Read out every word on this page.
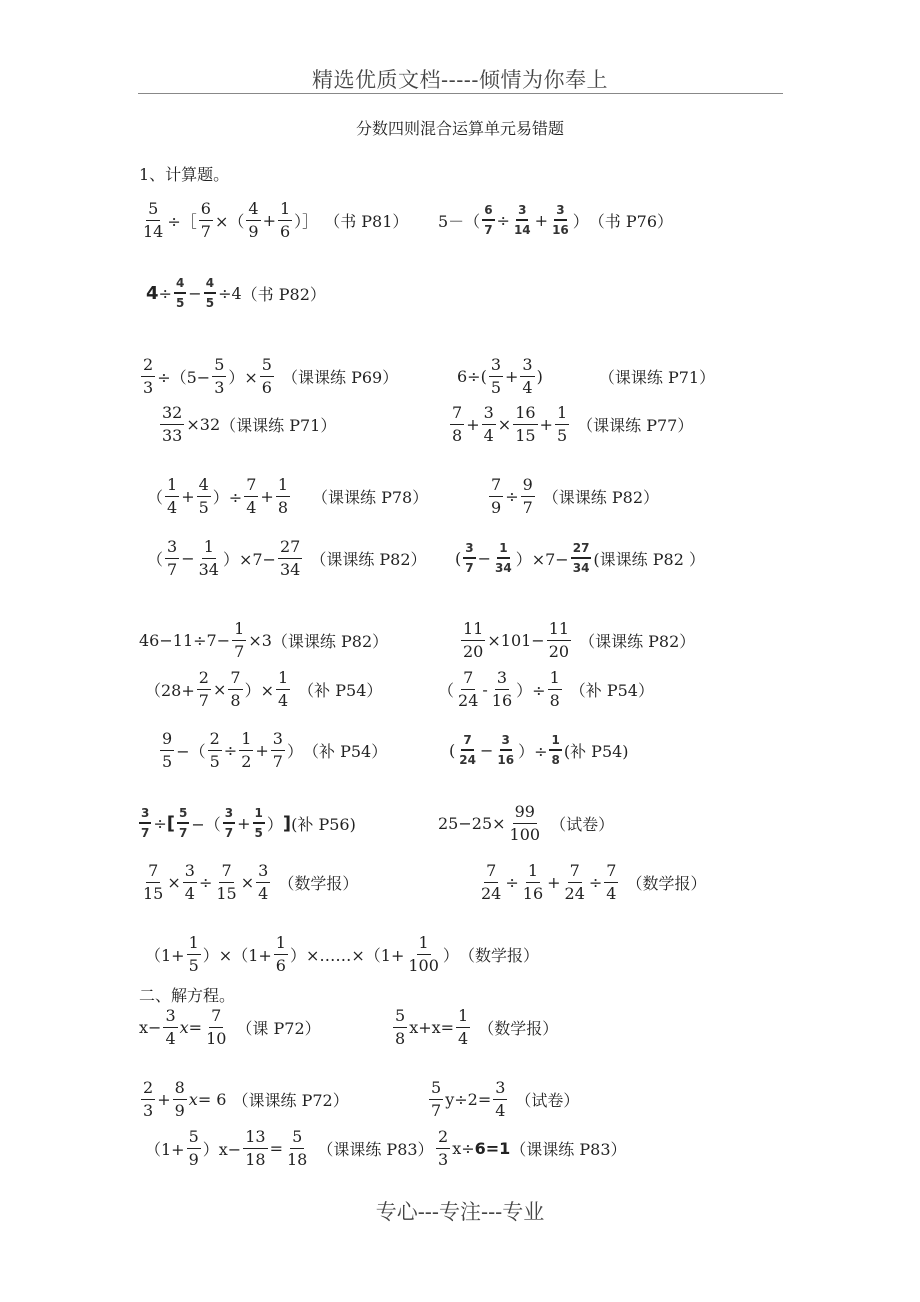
精选优质文档-----倾情为你奉上
分数四则混合运算单元易错题
1、计算题。
5
14
÷［
6
7
×（
4
9
+
1
6
）］ （书 P81） 5－（
6
7
÷
3
14
+
3
16 ） （书 P76）
4 ÷
4
5
−
4
5
÷4 （书 P82）
2
3
÷（5−
5
3
）×
5
6
（课课练 P69）	6÷(
3
5
+
3
4
)	（课课练 P71）
32
33
×32 （课课练 P71）
7
8
+
3
4
×
16
15
+
1
5
（课课练 P77）
（
1
4
+
4
5
）÷
7
4
+
1
8
（课课练 P78）
7
9
÷
9
7
（课课练 P82）
（
3
7
−
1
34
）×7−
27
34
（课课练 P82） (
3
7
−
1
34 ）×7−
27
34 (课课练 P82 ）
46−11÷7−
1
7
×3 （课课练 P82）
11
20
×101−
11
20
（课课练 P82）
（28+
2
7
×
7
8
）×
1
4
（补 P54）	（
7
24
-
3
16
）÷
1
8
（补 P54）
9
5
−（
2
5
÷
1
2
+
3
7
） （补 P54）	(
7
24
−
3
16 ）÷
1
8 (补 P54)
3
7
÷ [ 5
7 −（
3
7
+
1
5 ） ] (补 P56)	25−25×
99
100
（试卷）
7
15
×
3
4
÷
7
15
×
3
4
（数学报）
7
24
÷
1
16
+
7
24
÷
7
4
（数学报）
（1+
1
5
）×（1+
1
6
）×……×（1+
1
100
） （数学报）
二、解方程。
x−
3
4
x =
7
10
（课 P72）
5
8
x+x=
1
4
（数学报）
2
3
+
8
9
x = 6 （课课练 P72）
5
7
y÷2=
3
4
（试卷）
（1+
5
9
）x−
13
18
=
5
18
（课课练 P83）
2
3
x÷ 6=1 （课课练 P83）
专心---专注---专业
